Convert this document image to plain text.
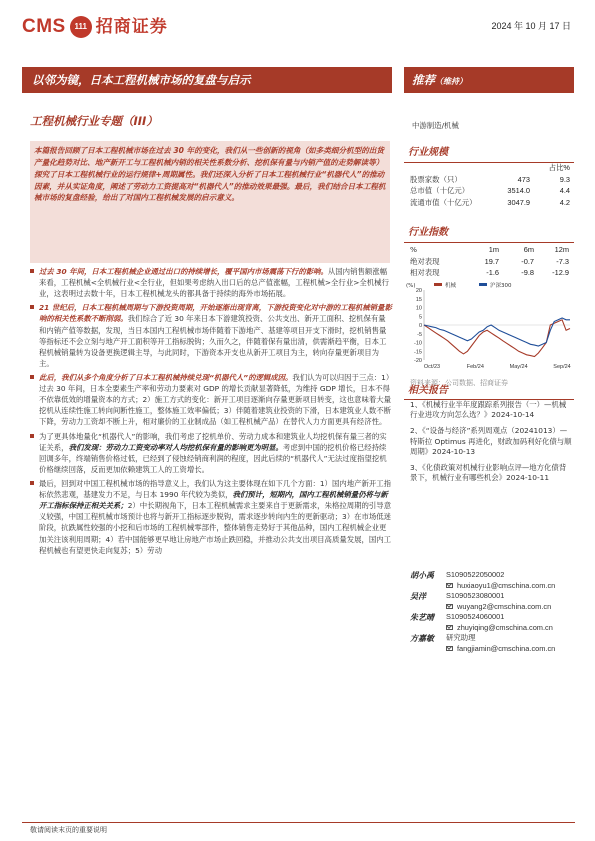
CMS	111 招商证券	2024 年 10 月 17 日
以邻为镜，日本工程机械市场的复盘与启示	推荐（维持）
工程机械行业专题（III）	中游制造/机械
本篇报告回顾了日本工程机械市场在过去 30 年的变化，我们从一些创新的视角（如多类细分机型的出货产量化趋势对比、地产新开工与工程机械内销的相关性系数分析、挖机保有量与内销产值的走势解读等）探究了日本工程机械行业的运行规律+周期属性。我们还深入分析了日本工程机械行业“机器代人”的推动因素，并从实证角度，阐述了劳动力工资提高对“机器代人”的推动效果最强。最后，我们结合日本工程机械市场的复盘经验，给出了对国内工程机械发展的启示意义。
过去 30 年间，日本工程机械企业通过出口的持续增长，覆平国内市场震荡下行的影响。从国内销售额涨幅来看，工程机械<全机械行业<全行业，但如果考虑纳入出口后的总产值涨幅，工程机械>全行业>全机械行业，这表明过去数十年，日本工程机械龙头的都具备于持续的海外市场拓展。
21 世纪后，日本工程机械周期与下游投资周期，开始逐渐出现背离，下游投资变化对中游的工程机械销量影响的相关性系数不断削弱。我们综合了近 30 年来日本下游建筑投资、公共支出、新开工面积、挖机保有量和内销产值等数据，发现，当日本国内工程机械市场伴随着下游地产、基建等项目开支下滑时，挖机销售量等指标还不会立刻与地产开工面积等开工指标脱钩；久而久之，伴随着保有量出清，供需渐趋平衡，日本工程机械销量转为设备更换逻辑主导，与此同时，下游资本开支也从新开工项目为主，转向存量更新项目为主。
此后，我们从多个角度分析了日本工程机械持续兑现“机器代人”的逻辑成因。我们认为可以归因于三点：1）过去 30 年间，日本全要素生产率和劳动力要素对 GDP 的增长贡献显著降低，为维持 GDP 增长，日本不得不依靠低效的增量资本的方式；2）施工方式的变化：新开工项目逐渐向存量更新项目转变，这也意味着大量挖机从连续性施工转向间断性施工，整体施工效率偏低；3）伴随着建筑业投资的下滑，日本建筑业人数不断下降，劳动力工资却不断上升，相对廉价的工业制成品（如工程机械产品）在替代人力方面更具有经济性。
为了更具体地量化“机器代人”的影响，我们考虑了挖机单价、劳动力成本和建筑业人均挖机保有量三者的实证关系，我们发现：劳动力工资变动率对人均挖机保有量的影响更为明显。考虑到中国的挖机价格已经持续回调多年，终端销售价格过低，已经到了侵蚀经销商利润的程度，因此后续的“机器代人”无法过度指望挖机价格继续回落，反而更加依赖建筑工人的工资增长。
最后，回到对中国工程机械市场的指导意义上，我们认为这主要体现在如下几个方面：1）国内地产新开工指标依然悲观，基建发力不足，与日本 1990 年代较为类似，我们预计，短期内，国内工程机械销量仍将与新开工指标保持正相关关系；2）中长期视角下，日本工程机械需求主要来自于更新需求，朱格拉周期的引导意义较强，中国工程机械市场预计也将与新开工指标逐步脱钩，需求逐步转向内生的更新驱动；3）在市场低迷阶段，抗跌属性较强的小挖和后市场的工程机械零部件，整体销售走势好于其他品种，国内工程机械企业更加关注该利用周期；4）若中国能够更早地让房地产市场止跌回稳，并推动公共支出项目高质量发展，国内工程机械也有望更快走向复苏；5）劳动
敬请阅读末页的重要说明
行业规模
占比%
股票家数（只）	473	9.3
总市值（十亿元）	3514.0	4.4
流通市值（十亿元）	3047.9	4.2
行业指数
%	1m	6m	12m
绝对表现	19.7	-0.7	-7.3
相对表现	-1.6	-9.8	-12.9
(%)
20
15
10
5
0
-5
-10
-15
-20
Oct/23	Feb/24	May/24	Sep/24
机械	沪深300
资料来源：公司数据、招商证券
相关报告
1、《机械行业半年度跟踪系列报告（一）—机械行业进攻方向怎么选？》2024-10-14
2、《“设备与经济”系列周观点（20241013）—特斯拉 Optimus 再进化，财政加码利好化债与顺周期》2024-10-13
3、《化债政策对机械行业影响点评—地方化债背景下，机械行业有哪些机会》2024-10-11
胡小禹	S1090522050002
huxiaoyu1@cmschina.com.cn
吴洋	S1090523080001
wuyang2@cmschina.com.cn
朱艺晴	S1090524060001
zhuyiqing@cmschina.com.cn
方嘉敏	研究助理
fangjiamin@cmschina.com.cn
